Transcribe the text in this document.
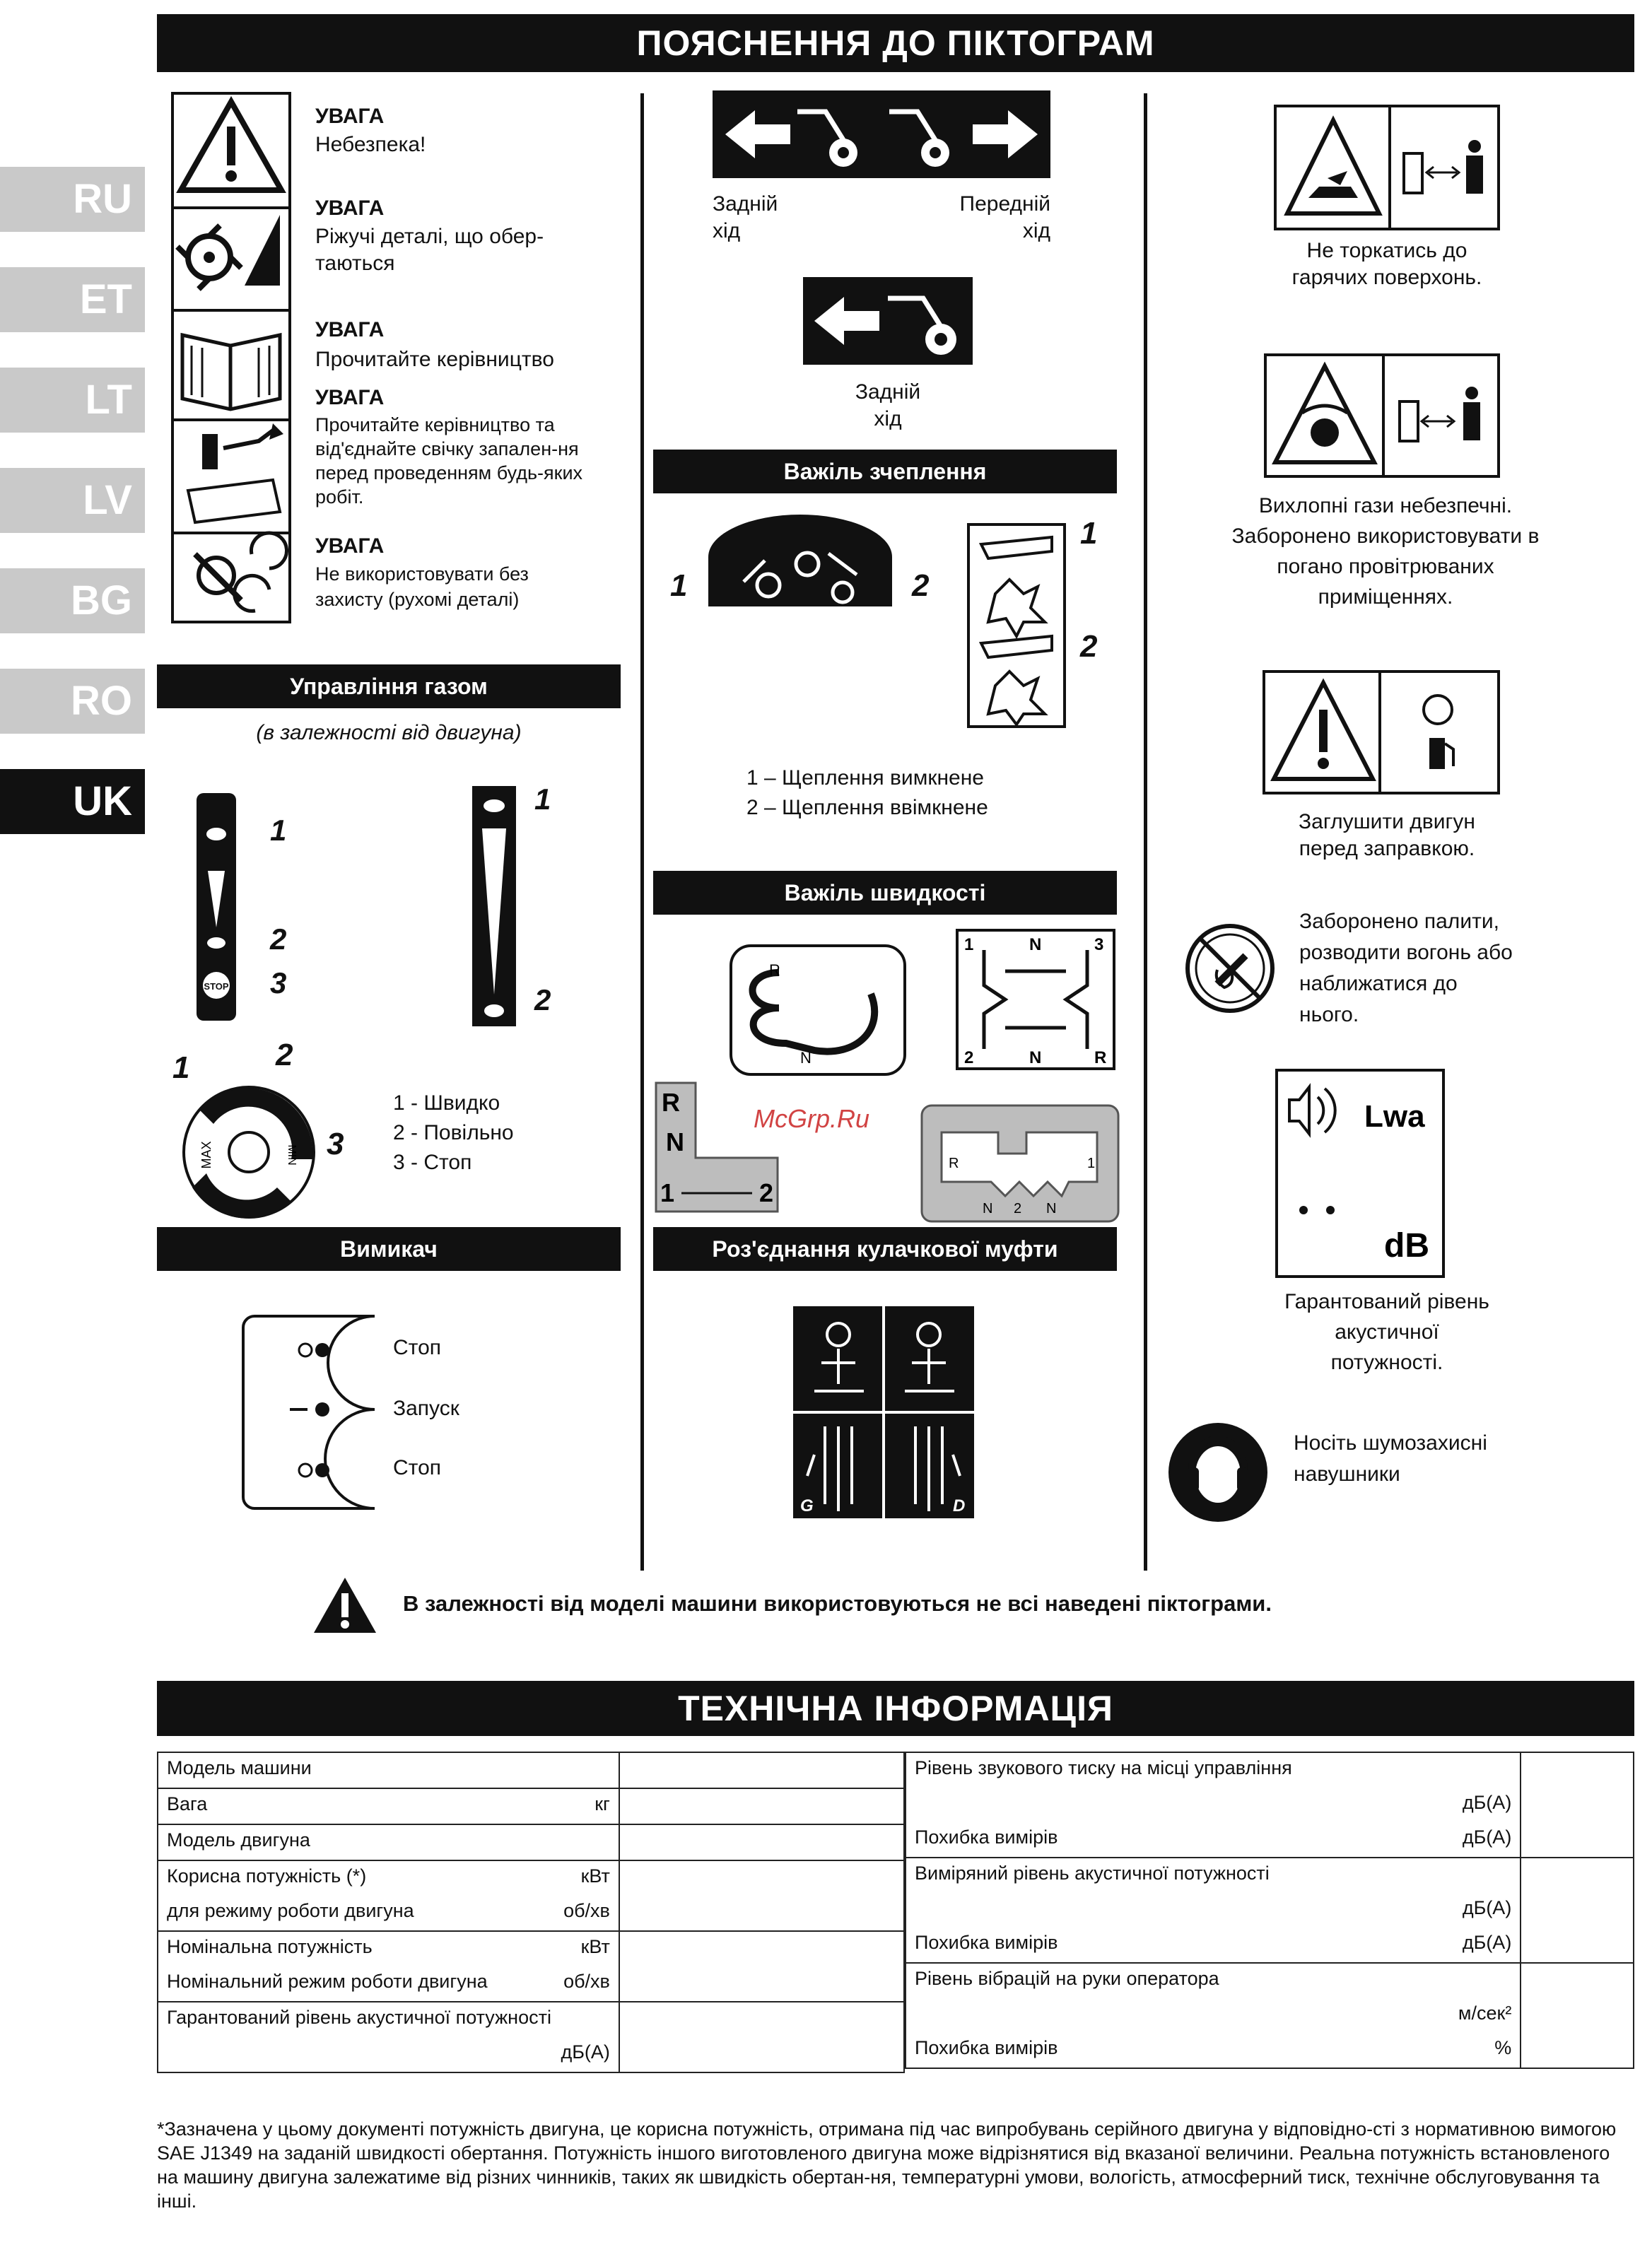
ПОЯСНЕННЯ ДО ПІКТОГРАМ
RU
ET
LT
LV
BG
RO
UK
УВАГА
Небезпека!
УВАГА
Ріжучі деталі, що обер-
таються
УВАГА
Прочитайте керівництво
УВАГА
Прочитайте керівництво та від'єднайте свічку запален-ня перед проведенням будь-яких робіт.
УВАГА
Не використовувати без захисту (рухомі деталі)
Управління газом
(в залежності від двигуна)
STOP
1
2
3
1
2
1	2
3
MAX	MIN
1 - Швидко
2 - Повільно
3 - Стоп
Вимикач
Стоп
Запуск
Стоп
Задній
хід
Передній
хід
Задній
хід
Важіль зчеплення
1	2
1
2
1 – Щеплення вимкнене
2 – Щеплення ввімкнене
Важіль швидкості
R
N
1	N	3
2	N	R
R
N
1	2
R	1
N 2 N
Роз'єднання кулачкової муфти
G	D
McGrp.Ru
Не торкатись до
гарячих поверхонь.
Вихлопні гази небезпечні.
Заборонено використовувати в
погано провітрюваних
приміщеннях.
Заглушити двигун
перед заправкою.
Заборонено палити,
розводити вогонь або
наближатися до
нього.
Lwa
dB
Гарантований рівень
акустичної
потужності.
Носіть шумозахисні
навушники
В залежності від моделі машини використовуються не всі наведені піктограми.
ТЕХНІЧНА ІНФОРМАЦІЯ
Модель машини

Вага кг	

Модель двигуна

Корисна потужність (*) кВт	

для режиму роботи двигуна об/хв	

Номінальна потужність кВт	

Номінальний режим роботи двигуна об/хв	

Гарантований рівень акустичної потужності

дБ(А)	
Рівень звукового тиску на місці управління	

дБ(А)	

Похибка вимірів дБ(А)	

Виміряний рівень акустичної потужності	

дБ(А)	

Похибка вимірів дБ(А)	

Рівень вібрацій на руки оператора	

м/сек²	

Похибка вимірів %	
*Зазначена у цьому документі потужність двигуна, це корисна потужність, отримана під час випробувань серійного двигуна у відповідно-сті з нормативною вимогою SAE J1349 на заданій швидкості обертання. Потужність іншого виготовленого двигуна може відрізнятися від вказаної величини. Реальна потужність встановленого на машину двигуна залежатиме від різних чинників, таких як швидкість обертан-ня, температурні умови, вологість, атмосферний тиск, технічне обслуговування та інші.
